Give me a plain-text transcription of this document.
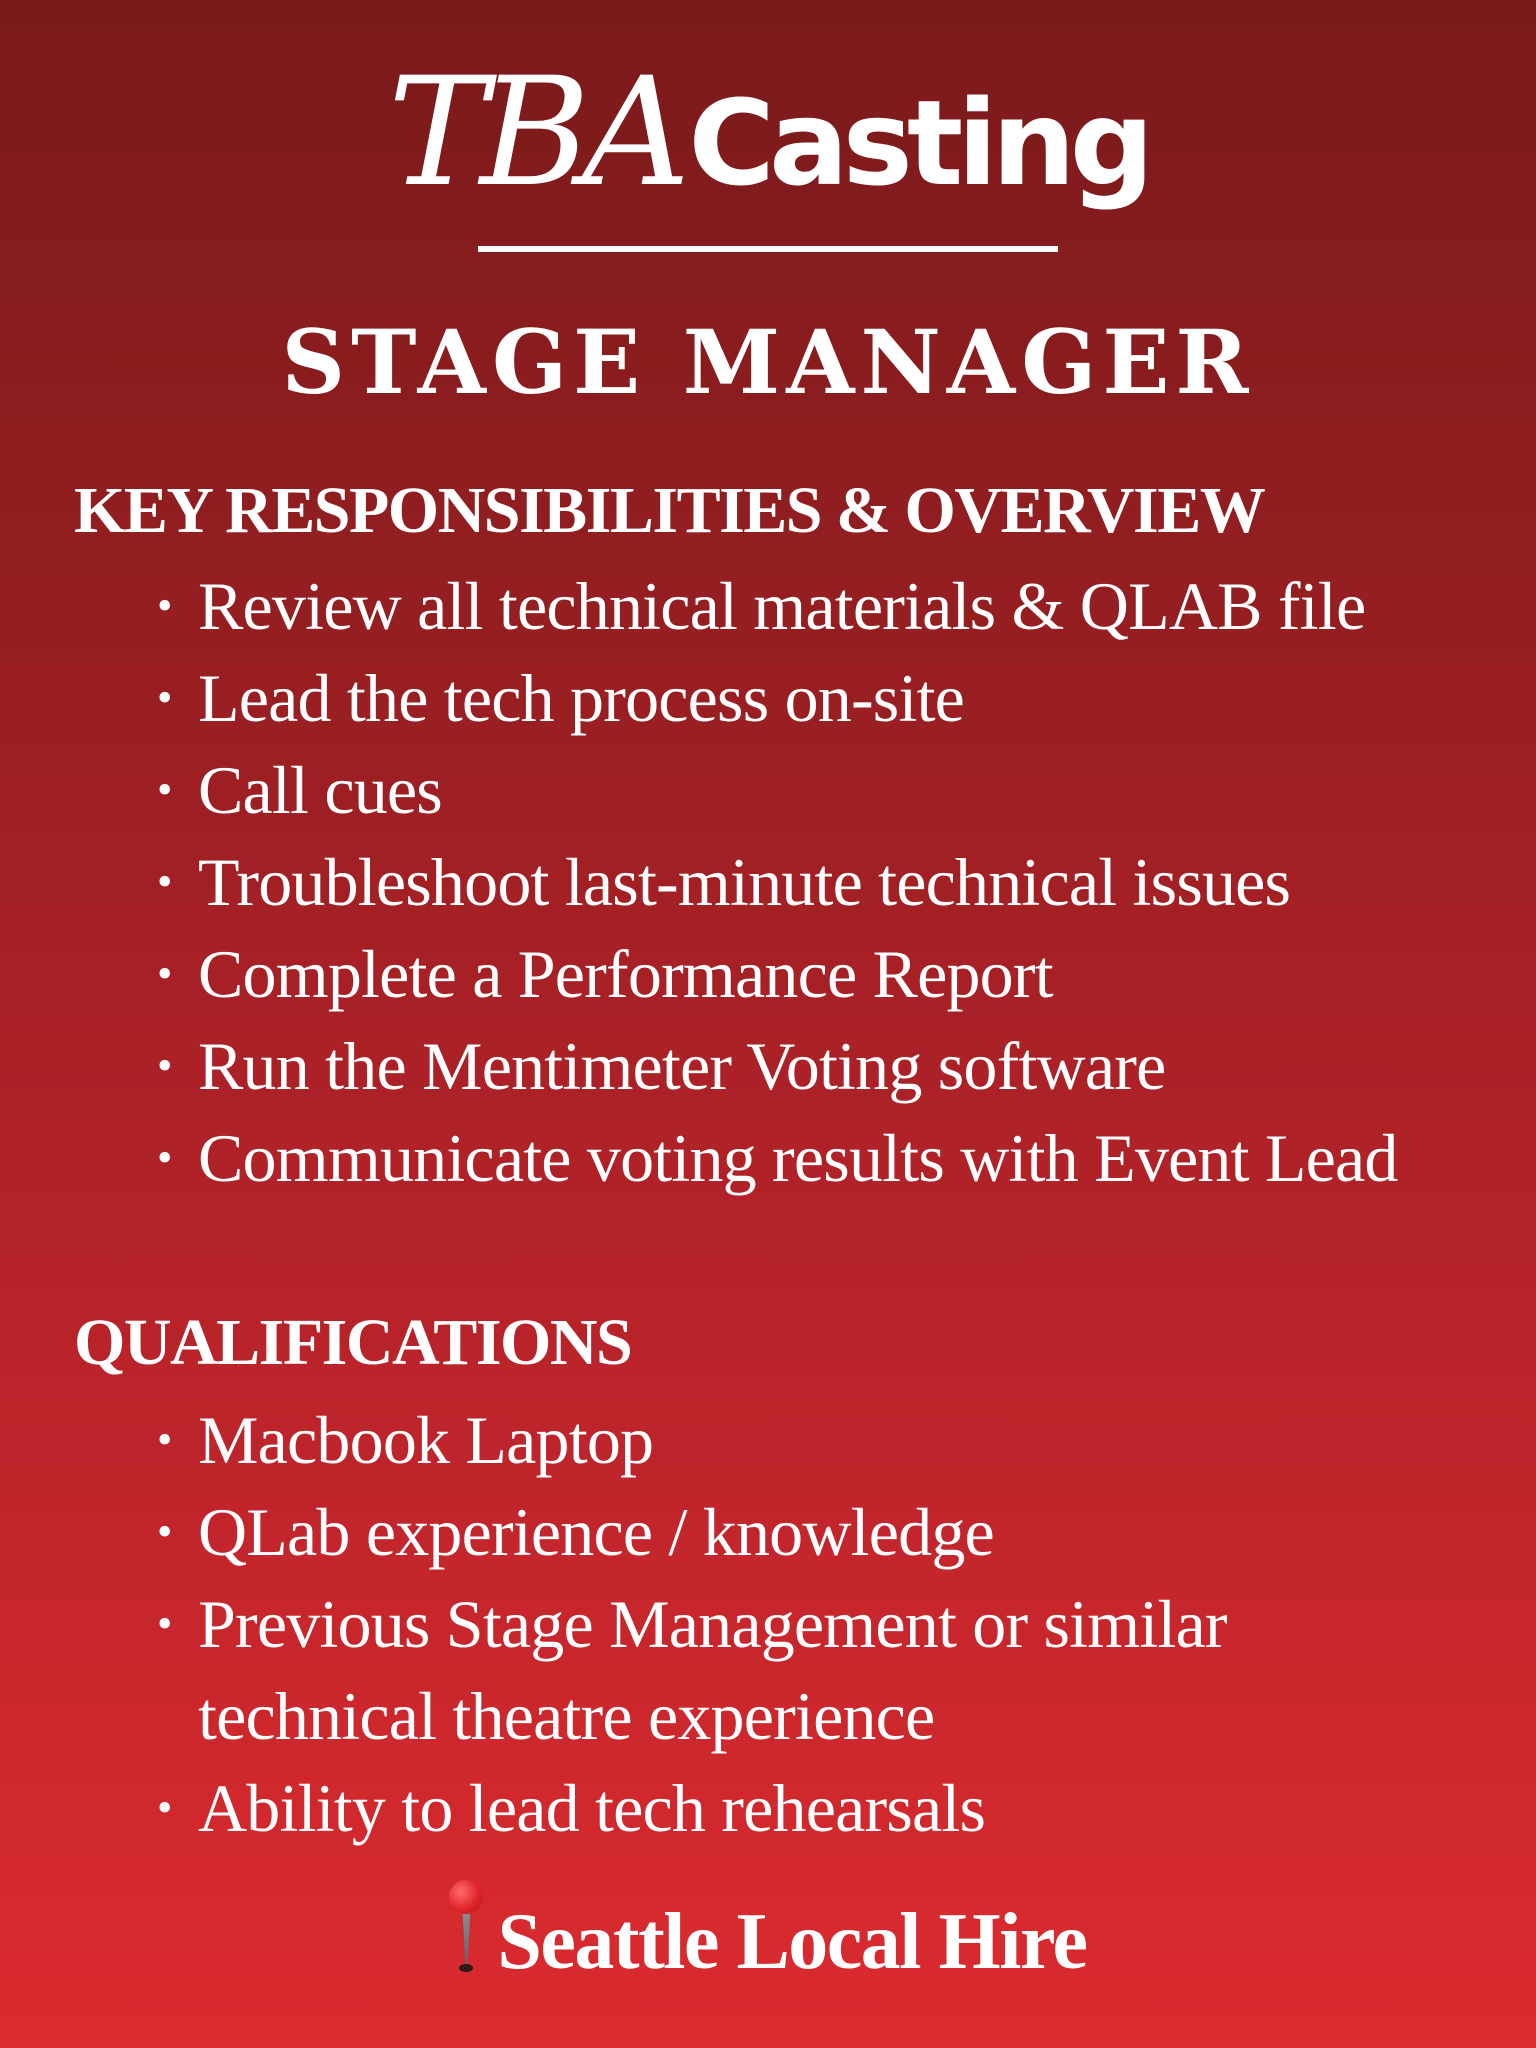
TBACasting
STAGE MANAGER
KEY RESPONSIBILITIES & OVERVIEW
• Review all technical materials & QLAB file
• Lead the tech process on-site
• Call cues
• Troubleshoot last-minute technical issues
• Complete a Performance Report
• Run the Mentimeter Voting software
• Communicate voting results with Event Lead
QUALIFICATIONS
• Macbook Laptop
• QLab experience / knowledge
• Previous Stage Management or similar
technical theatre experience
• Ability to lead tech rehearsals
Seattle Local Hire
